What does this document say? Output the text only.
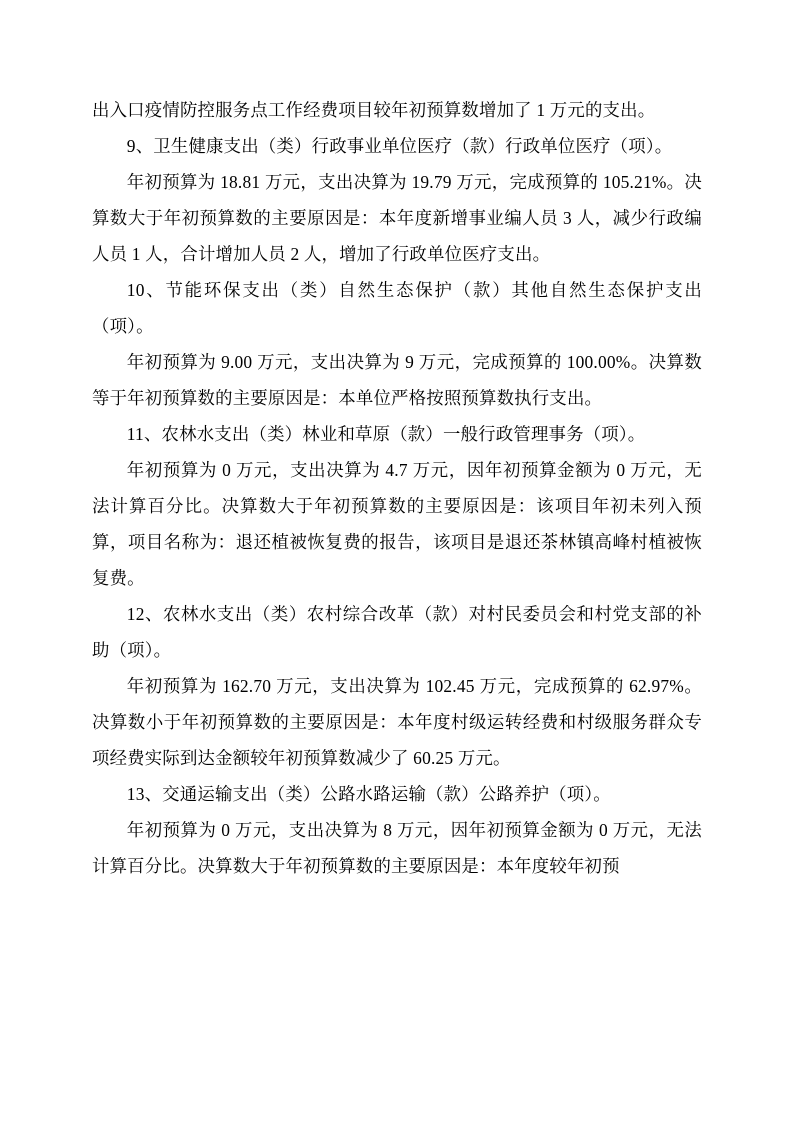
出入口疫情防控服务点工作经费项目较年初预算数增加了 1 万元的支出。

9、卫生健康支出（类）行政事业单位医疗（款）行政单位医疗（项）。

年初预算为 18.81 万元，支出决算为 19.79 万元，完成预算的 105.21%。决算数大于年初预算数的主要原因是：本年度新增事业编人员 3 人，减少行政编人员 1 人，合计增加人员 2 人，增加了行政单位医疗支出。

10、节能环保支出（类）自然生态保护（款）其他自然生态保护支出（项）。

年初预算为 9.00 万元，支出决算为 9 万元，完成预算的 100.00%。决算数等于年初预算数的主要原因是：本单位严格按照预算数执行支出。

11、农林水支出（类）林业和草原（款）一般行政管理事务（项）。

年初预算为 0 万元，支出决算为 4.7 万元，因年初预算金额为 0 万元，无法计算百分比。决算数大于年初预算数的主要原因是：该项目年初未列入预算，项目名称为：退还植被恢复费的报告，该项目是退还茶林镇高峰村植被恢复费。

12、农林水支出（类）农村综合改革（款）对村民委员会和村党支部的补助（项）。

年初预算为 162.70 万元，支出决算为 102.45 万元，完成预算的 62.97%。决算数小于年初预算数的主要原因是：本年度村级运转经费和村级服务群众专项经费实际到达金额较年初预算数减少了 60.25 万元。

13、交通运输支出（类）公路水路运输（款）公路养护（项）。

年初预算为 0 万元，支出决算为 8 万元，因年初预算金额为 0 万元，无法计算百分比。决算数大于年初预算数的主要原因是：本年度较年初预
